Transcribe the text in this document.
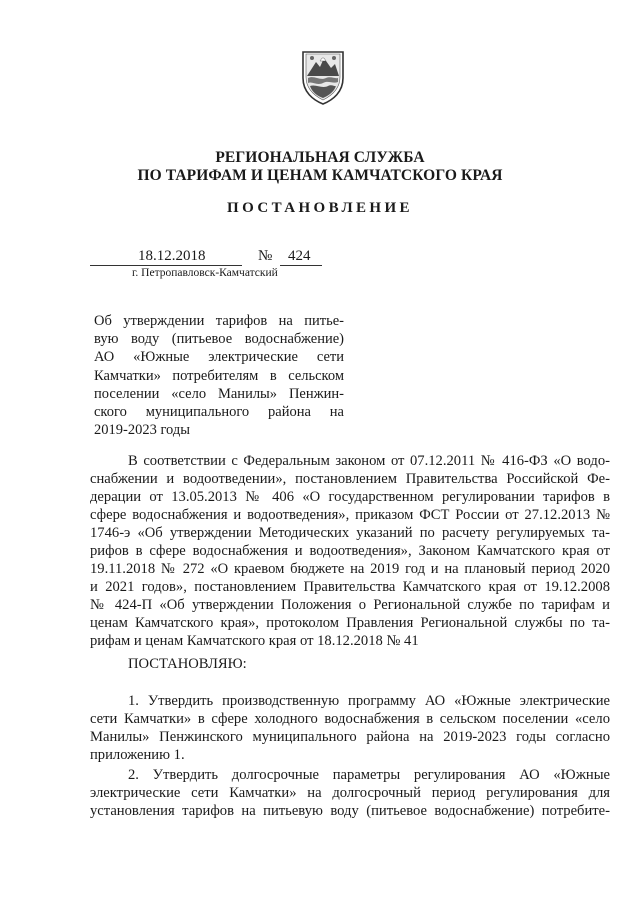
РЕГИОНАЛЬНАЯ СЛУЖБА
ПО ТАРИФАМ И ЦЕНАМ КАМЧАТСКОГО КРАЯ
ПОСТАНОВЛЕНИЕ
18.12.2018	№ 424
г. Петропавловск-Камчатский
Об утверждении тарифов на питье-
вую воду (питьевое водоснабжение)
АО «Южные электрические сети
Камчатки» потребителям в сельском
поселении «село Манилы» Пенжин-
ского муниципального района на
2019-2023 годы
В соответствии с Федеральным законом от 07.12.2011 № 416-ФЗ «О водо-
снабжении и водоотведении», постановлением Правительства Российской Фе-
дерации от 13.05.2013 № 406 «О государственном регулировании тарифов в
сфере водоснабжения и водоотведения», приказом ФСТ России от 27.12.2013 №
1746-э «Об утверждении Методических указаний по расчету регулируемых та-
рифов в сфере водоснабжения и водоотведения», Законом Камчатского края от
19.11.2018 № 272 «О краевом бюджете на 2019 год и на плановый период 2020
и 2021 годов», постановлением Правительства Камчатского края от 19.12.2008
№ 424-П «Об утверждении Положения о Региональной службе по тарифам и
ценам Камчатского края», протоколом Правления Региональной службы по та-
рифам и ценам Камчатского края от 18.12.2018 № 41
ПОСТАНОВЛЯЮ:
1. Утвердить производственную программу АО «Южные электрические
сети Камчатки» в сфере холодного водоснабжения в сельском поселении «село
Манилы» Пенжинского муниципального района на 2019-2023 годы согласно
приложению 1.
2. Утвердить долгосрочные параметры регулирования АО «Южные
электрические сети Камчатки» на долгосрочный период регулирования для
установления тарифов на питьевую воду (питьевое водоснабжение) потребите-
